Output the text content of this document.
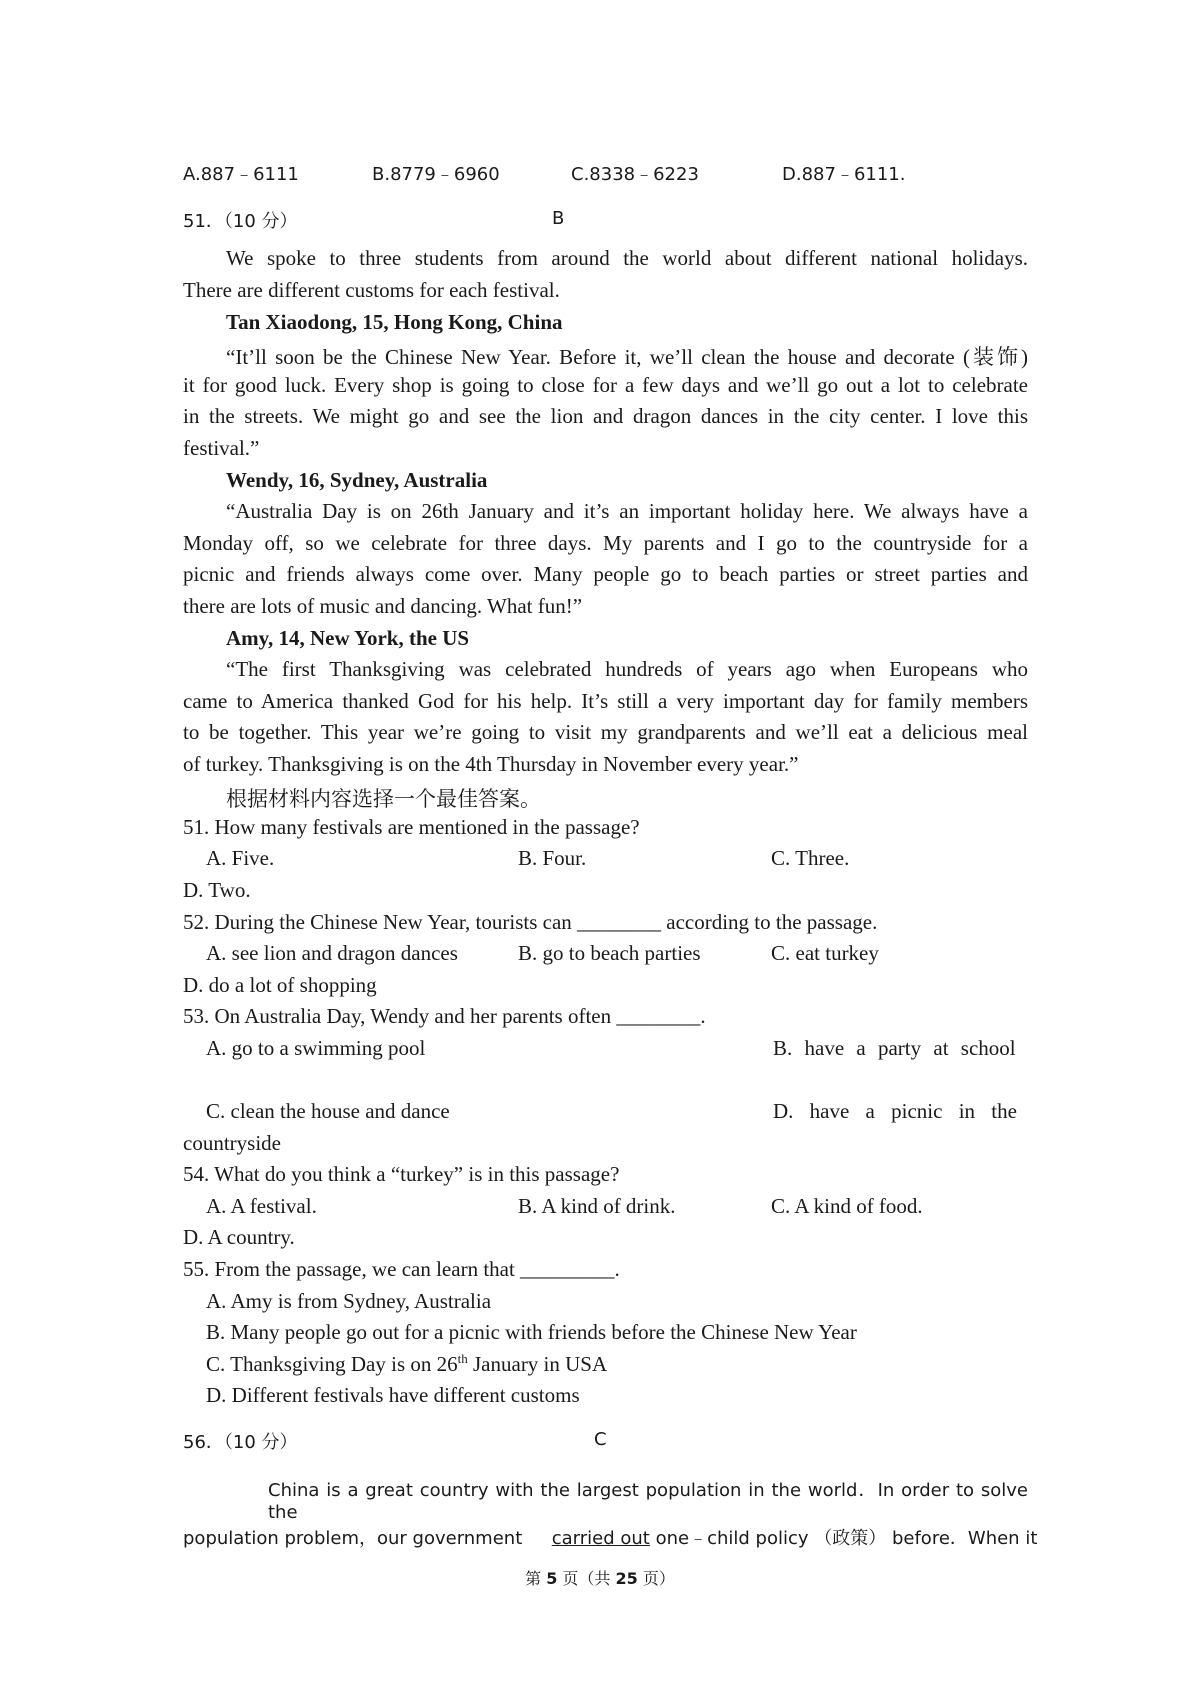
A.887﹣6111	B.8779﹣6960	C.8338﹣6223	D.887﹣6111.
51．（10 分）	B
We spoke to three students from around the world about different national holidays.
There are different customs for each festival.
Tan Xiaodong, 15, Hong Kong, China
“It’ll soon be the Chinese New Year. Before it, we’ll clean the house and decorate (装饰)
it for good luck. Every shop is going to close for a few days and we’ll go out a lot to celebrate
in the streets. We might go and see the lion and dragon dances in the city center. I love this
festival.”
Wendy, 16, Sydney, Australia
“Australia Day is on 26th January and it’s an important holiday here. We always have a
Monday off, so we celebrate for three days. My parents and I go to the countryside for a
picnic and friends always come over. Many people go to beach parties or street parties and
there are lots of music and dancing. What fun!”
Amy, 14, New York, the US
“The first Thanksgiving was celebrated hundreds of years ago when Europeans who
came to America thanked God for his help. It’s still a very important day for family members
to be together. This year we’re going to visit my grandparents and we’ll eat a delicious meal
of turkey. Thanksgiving is on the 4th Thursday in November every year.”
根据材料内容选择一个最佳答案。
51. How many festivals are mentioned in the passage?
A. Five.	B. Four.	C. Three.
D. Two.
52. During the Chinese New Year, tourists can ________ according to the passage.
A. see lion and dragon dances	B. go to beach parties	C. eat turkey
D. do a lot of shopping
53. On Australia Day, Wendy and her parents often ________.
A. go to a swimming pool	B. have a party at school
C. clean the house and dance	D. have a picnic in the
countryside
54. What do you think a “turkey” is in this passage?
A. A festival.	B. A kind of drink.	C. A kind of food.
D. A country.
55. From the passage, we can learn that _________.
A. Amy is from Sydney, Australia
B. Many people go out for a picnic with friends before the Chinese New Year
C. Thanksgiving Day is on 26th January in USA
D. Different festivals have different customs
56．（10 分）	C
China is a great country with the largest population in the world．In order to solve the
population problem，our government carried out one﹣child policy （政策） before．When it
第 5 页（共 25 页）
